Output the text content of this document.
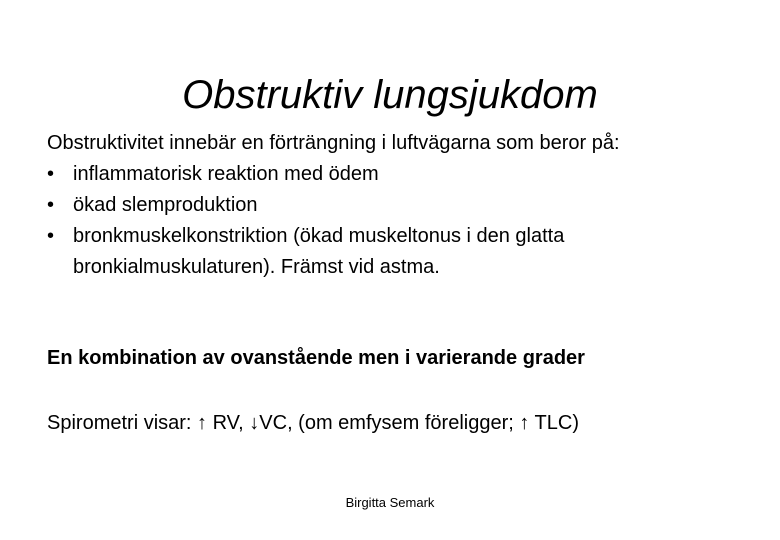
Obstruktiv lungsjukdom

Obstruktivitet innebär en förträngning i luftvägarna som beror på:

• inflammatorisk reaktion med ödem
• ökad slemproduktion
• bronkmuskelkonstriktion (ökad muskeltonus i den glatta bronkialmuskulaturen). Främst vid astma.
En kombination av ovanstående men i varierande grader
Spirometri visar: ↑ RV, ↓VC, (om emfysem föreligger; ↑ TLC)
Birgitta Semark
